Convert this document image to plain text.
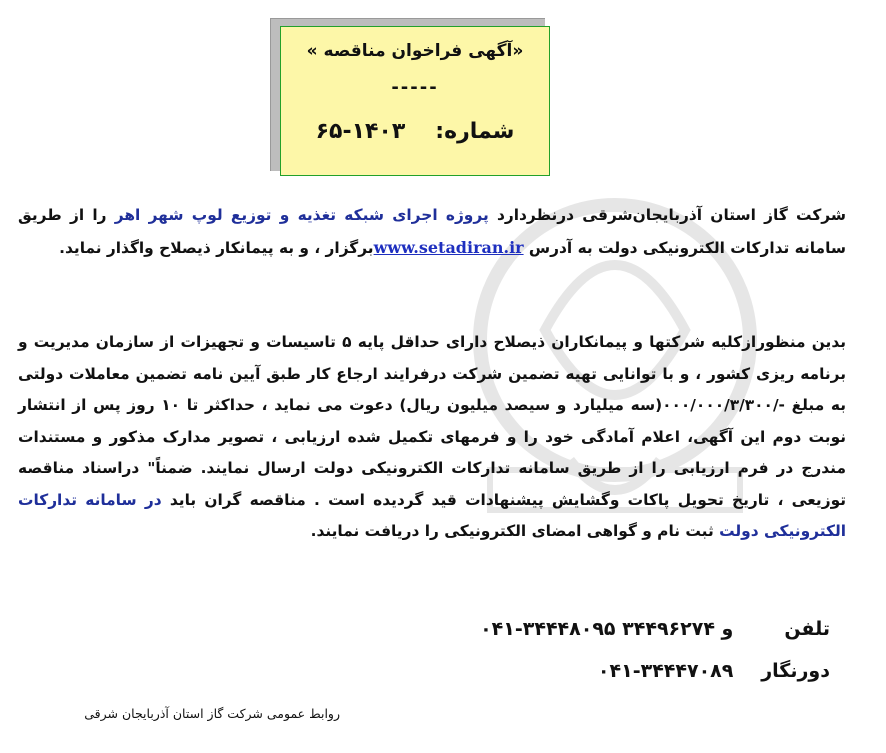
«آگهی فراخوان مناقصه »
-----
شماره:۶۵-۱۴۰۳
شرکت گاز استان آذربایجان‌شرقی درنظردارد پروژه اجرای شبکه تغذیه و توزیع لوپ شهر اهر را از طریق سامانه تدارکات الکترونیکی دولت به آدرس www.setadiran.irبرگزار ، و به پیمانکار ذیصلاح واگذار نماید.
بدین منظورازکلیه شرکتها و پیمانکاران ذیصلاح دارای حداقل پایه ۵ تاسیسات و تجهیزات از سازمان مدیریت و برنامه ریزی کشور ، و با توانایی تهیه تضمین شرکت درفرایند ارجاع کار طبق آیین نامه تضمین معاملات دولتی به مبلغ -/۰۰۰/۰۰۰/۳/۳۰۰(سه میلیارد و سیصد میلیون ریال) دعوت می نماید ، حداکثر تا ۱۰ روز پس از انتشار نوبت دوم این آگهی، اعلام آمادگی خود را و فرمهای تکمیل شده ارزیابی ، تصویر مدارک مذکور و مستندات مندرج در فرم ارزیابی را از طریق سامانه تدارکات الکترونیکی دولت ارسال نمایند. ضمناً" دراسناد مناقصه توزیعی ، تاریخ تحویل پاکات وگشایش پیشنهادات قید گردیده است . مناقصه گران باید در سامانه تدارکات الکترونیکی دولت ثبت نام و گواهی امضای الکترونیکی را دریافت نمایند.
تلفن ۰۴۱-۳۴۴۴۸۰۹۵ و ۳۴۴۹۶۲۷۴
دورنگار ۰۴۱-۳۴۴۴۷۰۸۹
روابط عمومی شرکت گاز استان آذربایجان شرقی
